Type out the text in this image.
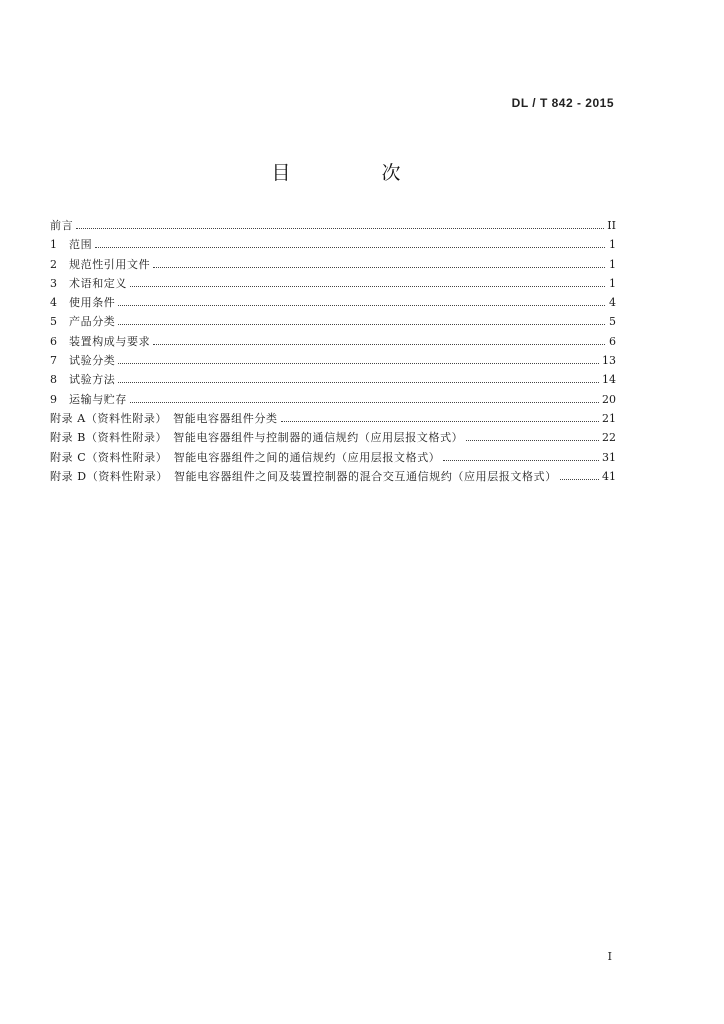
DL / T 842 - 2015
目　次
前言	II
1	范围	1
2	规范性引用文件	1
3	术语和定义	1
4	使用条件	4
5	产品分类	5
6	装置构成与要求	6
7	试验分类	13
8	试验方法	14
9	运输与贮存	20
附录 A（资料性附录）　智能电容器组件分类	21
附录 B（资料性附录）　智能电容器组件与控制器的通信规约（应用层报文格式）	22
附录 C（资料性附录）　智能电容器组件之间的通信规约（应用层报文格式）	31
附录 D（资料性附录）　智能电容器组件之间及装置控制器的混合交互通信规约（应用层报文格式）	41
I
